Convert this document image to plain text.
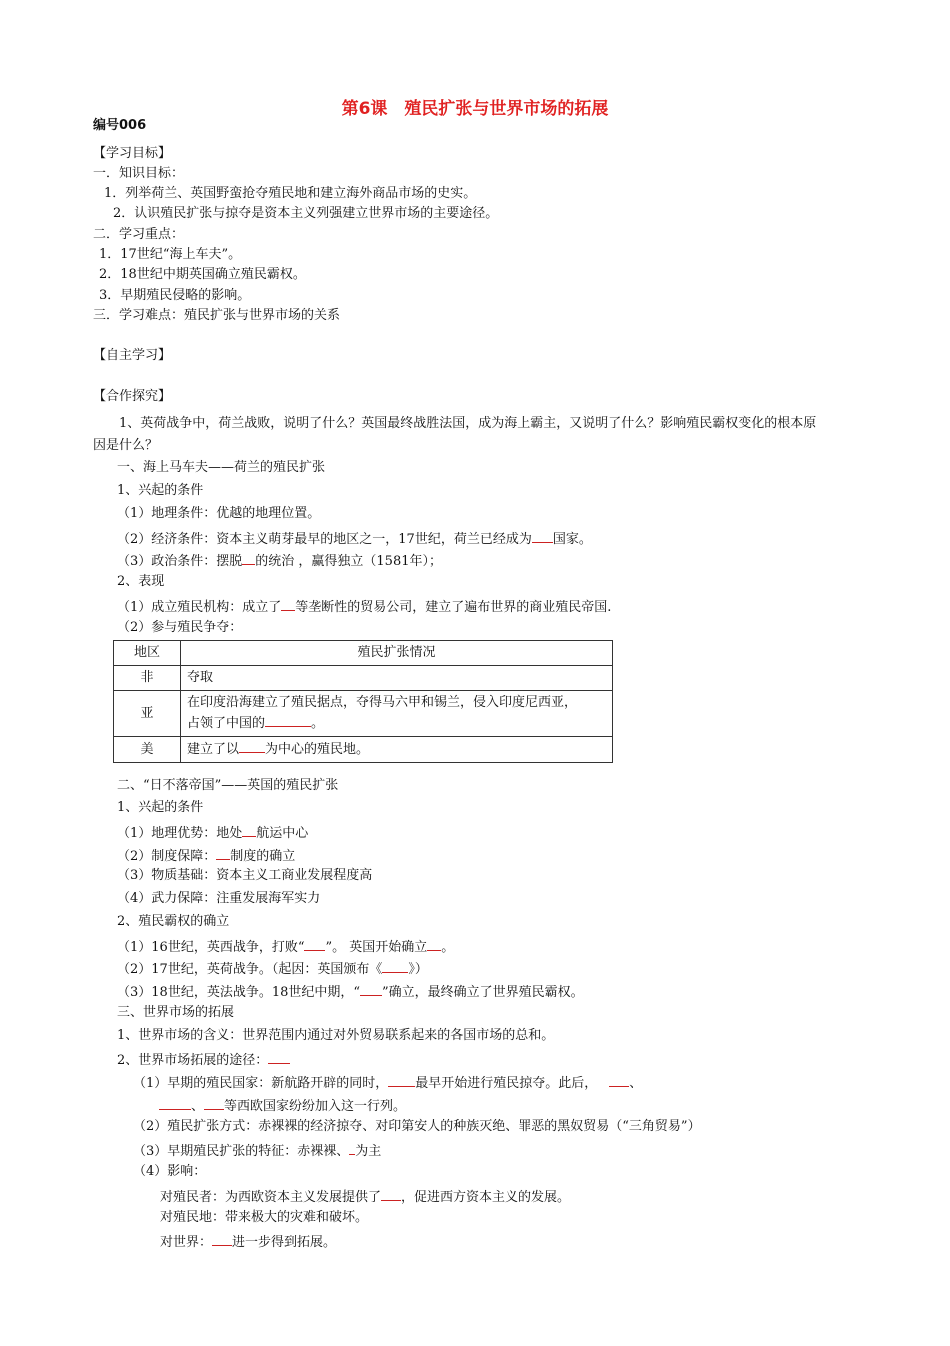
第6课　殖民扩张与世界市场的拓展
编号006
【学习目标】
一．知识目标：
1．列举荷兰、英国野蛮抢夺殖民地和建立海外商品市场的史实。
2．认识殖民扩张与掠夺是资本主义列强建立世界市场的主要途径。
二．学习重点：
1．17世纪“海上车夫”。
2．18世纪中期英国确立殖民霸权。
3．早期殖民侵略的影响。
三．学习难点：殖民扩张与世界市场的关系
【自主学习】
【合作探究】
1、英荷战争中，荷兰战败，说明了什么？英国最终战胜法国，成为海上霸主，又说明了什么？影响殖民霸权变化的根本原
因是什么？
一、海上马车夫——荷兰的殖民扩张
1、兴起的条件
（1）地理条件：优越的地理位置。
（2）经济条件：资本主义萌芽最早的地区之一，17世纪，荷兰已经成为 国家。
（3）政治条件：摆脱 的统治 ，赢得独立（1581年）；
2、表现
（1）成立殖民机构：成立了 等垄断性的贸易公司，建立了遍布世界的商业殖民帝国.
（2）参与殖民争夺：
地区	殖民扩张情况
非	夺取
亚	在印度沿海建立了殖民据点，夺得马六甲和锡兰，侵入印度尼西亚，
占领了中国的 。
美	建立了以 为中心的殖民地。
二、“日不落帝国”——英国的殖民扩张
1、兴起的条件
（1）地理优势：地处 航运中心
（2）制度保障： 制度的确立
（3）物质基础：资本主义工商业发展程度高
（4）武力保障：注重发展海军实力
2、殖民霸权的确立
（1）16世纪，英西战争，打败“ ”。 英国开始确立 。
（2）17世纪，英荷战争。（起因：英国颁布《 》）
（3）18世纪，英法战争。18世纪中期，“ ”确立，最终确立了世界殖民霸权。
三、世界市场的拓展
1、世界市场的含义：世界范围内通过对外贸易联系起来的各国市场的总和。
2、世界市场拓展的途径：
（1）早期的殖民国家：新航路开辟的同时， 最早开始进行殖民掠夺。此后， 、
、 等西欧国家纷纷加入这一行列。
（2）殖民扩张方式：赤裸裸的经济掠夺、对印第安人的种族灭绝、罪恶的黑奴贸易（“三角贸易”）
（3）早期殖民扩张的特征：赤裸裸、 为主
（4）影响：
对殖民者：为西欧资本主义发展提供了 ，促进西方资本主义的发展。
对殖民地：带来极大的灾难和破坏。
对世界： 进一步得到拓展。
